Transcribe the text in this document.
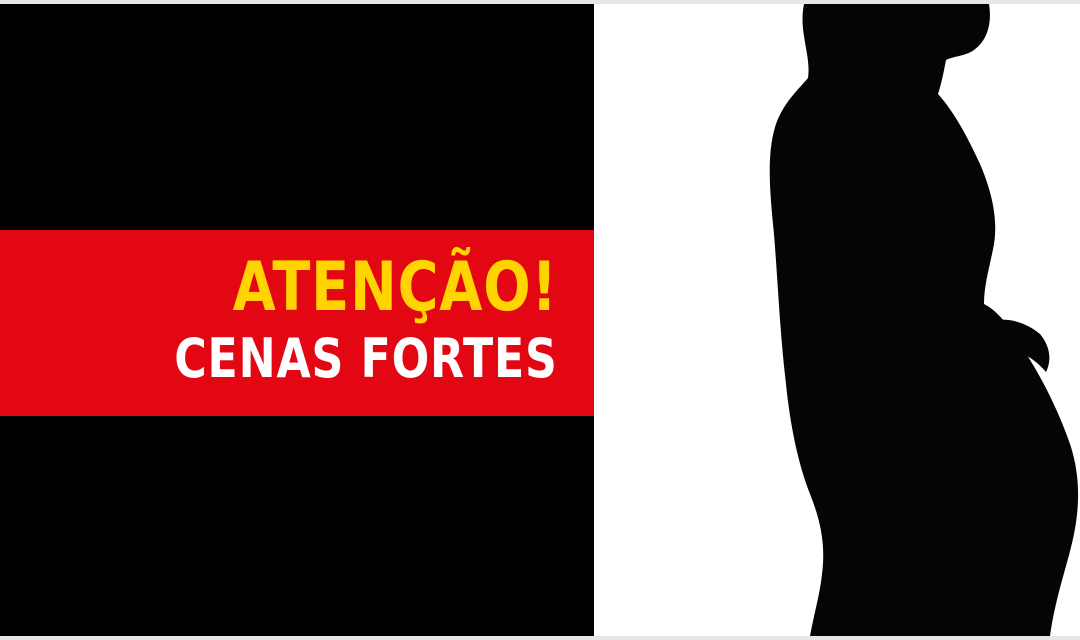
ATENÇÃO!
CENAS FORTES
